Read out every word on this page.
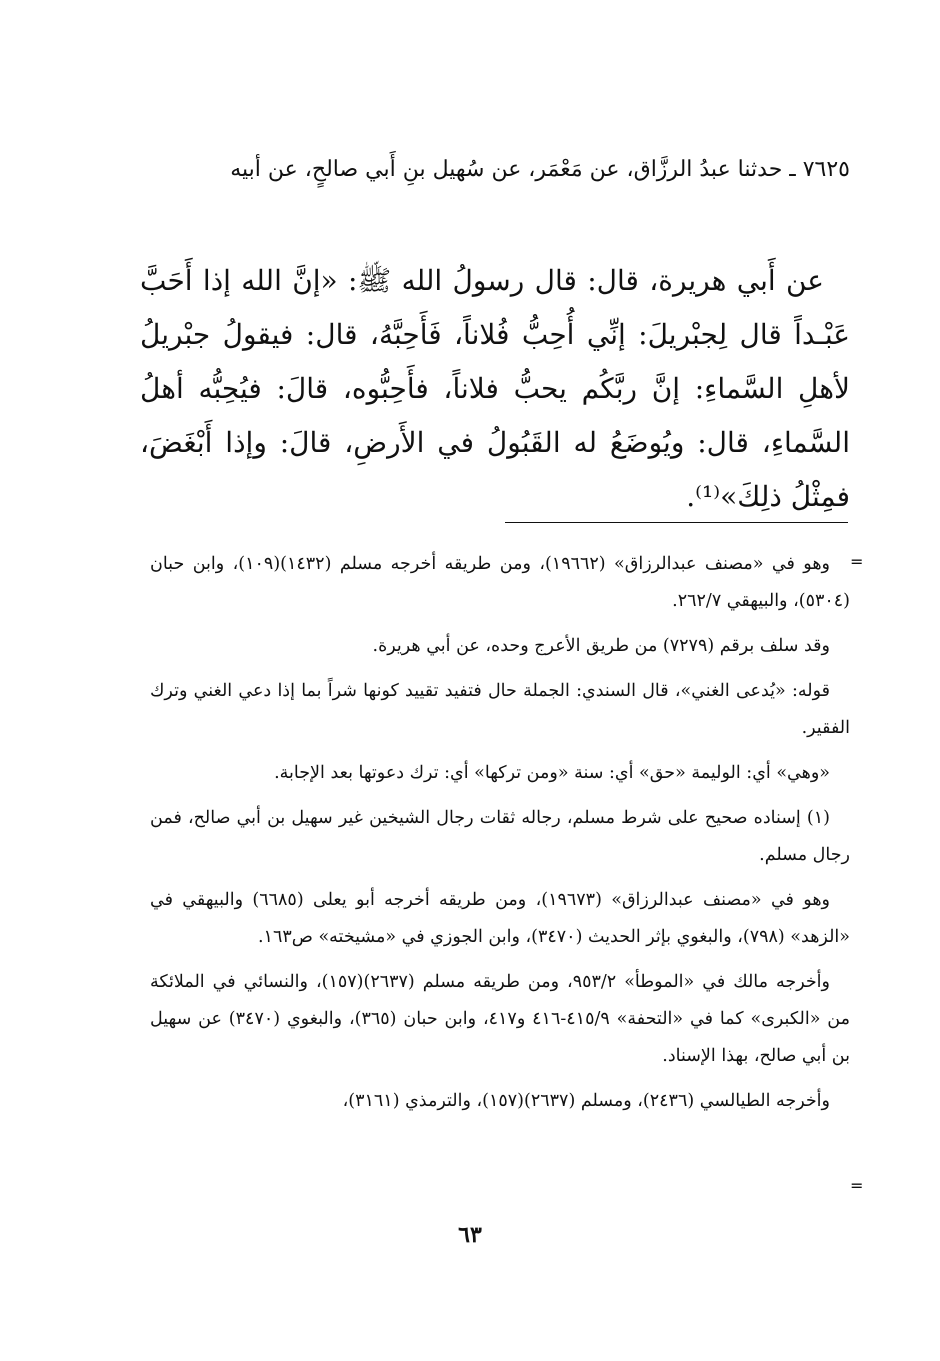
٧٦٢٥ ـ حدثنا عبدُ الرزَّاق، عن مَعْمَر، عن سُهيل بنِ أَبي صالحٍ، عن أبيه

عن أَبي هريرة، قال: قال رسولُ الله ﷺ: «إنَّ الله إذا أَحَبَّ عَبْـداً قال لِجبْريلَ: إنِّي أُحِبُّ فُلاناً، فَأَحِبَّهُ، قال: فيقولُ جبْريلُ لأهلِ السَّماءِ: إنَّ ربَّكُم يحبُّ فلاناً، فأَحِبُّوه، قالَ: فيُحِبُّه أهلُ السَّماءِ، قال: ويُوضَعُ له القَبُولُ في الأَرضِ، قالَ: وإذا أَبْغَضَ، فمِثْلُ ذلِكَ»⁽¹⁾.

=

وهو في «مصنف عبدالرزاق» (١٩٦٦٢)، ومن طريقه أخرجه مسلم (١٤٣٢)(١٠٩)، وابن حبان (٥٣٠٤)، والبيهقي ٢٦٢/٧.

وقد سلف برقم (٧٢٧٩) من طريق الأعرج وحده، عن أبي هريرة.

قوله: «يُدعى الغني»، قال السندي: الجملة حال فتفيد تقييد كونها شراً بما إذا دعي الغني وترك الفقير.

«وهي» أي: الوليمة «حق» أي: سنة «ومن تركها» أي: ترك دعوتها بعد الإجابة.

(١) إسناده صحيح على شرط مسلم، رجاله ثقات رجال الشيخين غير سهيل بن أبي صالح، فمن رجال مسلم.

وهو في «مصنف عبدالرزاق» (١٩٦٧٣)، ومن طريقه أخرجه أبو يعلى (٦٦٨٥) والبيهقي في «الزهد» (٧٩٨)، والبغوي بإثر الحديث (٣٤٧٠)، وابن الجوزي في «مشيخته» ص١٦٣.

وأخرجه مالك في «الموطأ» ٩٥٣/٢، ومن طريقه مسلم (٢٦٣٧)(١٥٧)، والنسائي في الملائكة من «الكبرى» كما في «التحفة» ٤١٥/٩-٤١٦ و٤١٧، وابن حبان (٣٦٥)، والبغوي (٣٤٧٠) عن سهيل بن أبي صالح، بهذا الإسناد.

وأخرجه الطيالسي (٢٤٣٦)، ومسلم (٢٦٣٧)(١٥٧)، والترمذي (٣١٦١)،

=
٦٣
